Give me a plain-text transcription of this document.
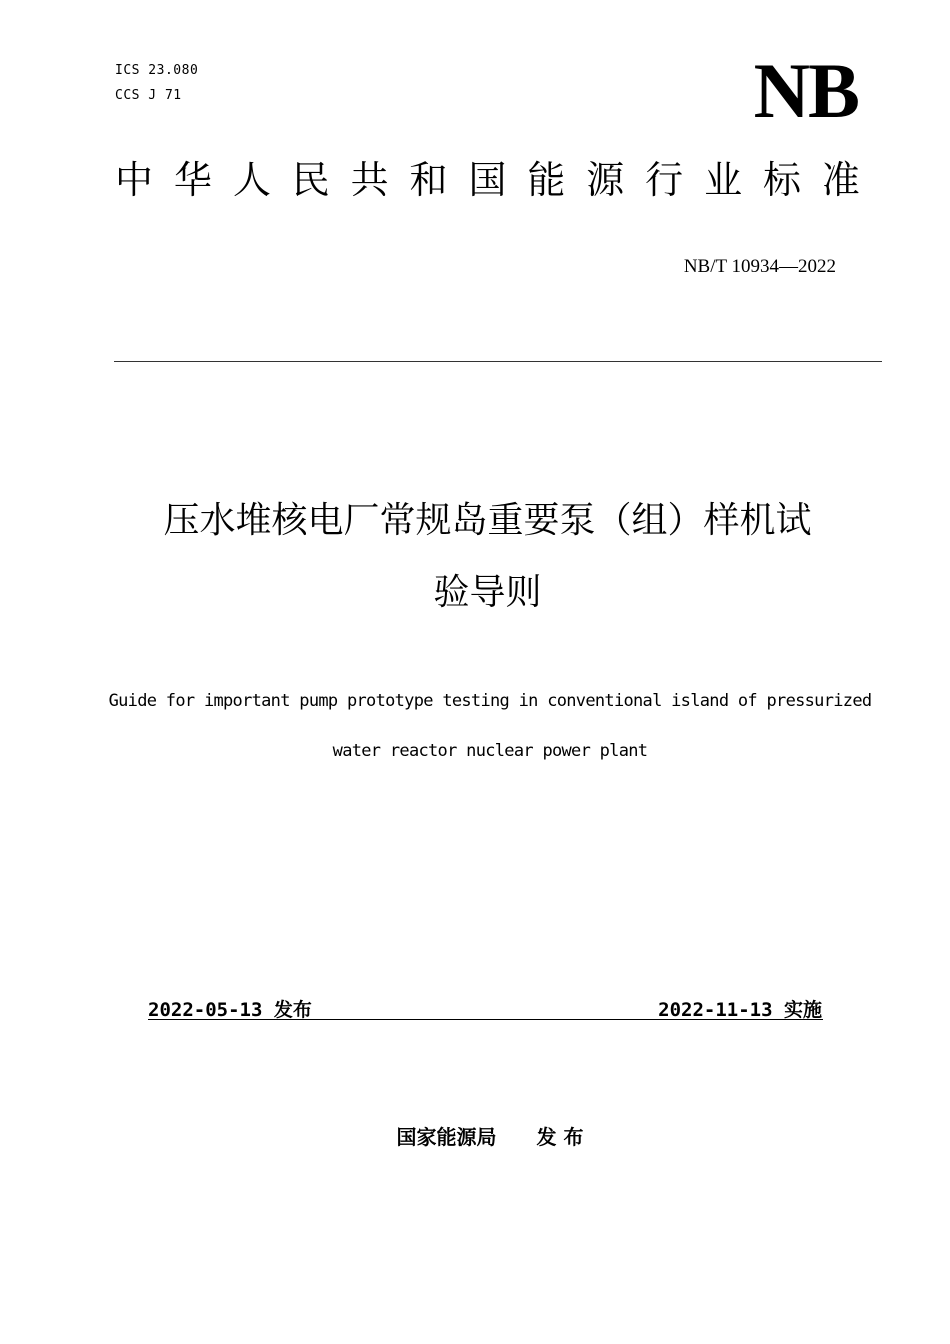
ICS 23.080
CCS J 71	NB
中 华 人 民 共 和 国 能 源 行 业 标 准
NB/T 10934—2022
压水堆核电厂常规岛重要泵（组）样机试
验导则
Guide for important pump prototype testing in conventional island of pressurized
water reactor nuclear power plant
2022-05-13 发布	2022-11-13 实施
国家能源局　　发 布
